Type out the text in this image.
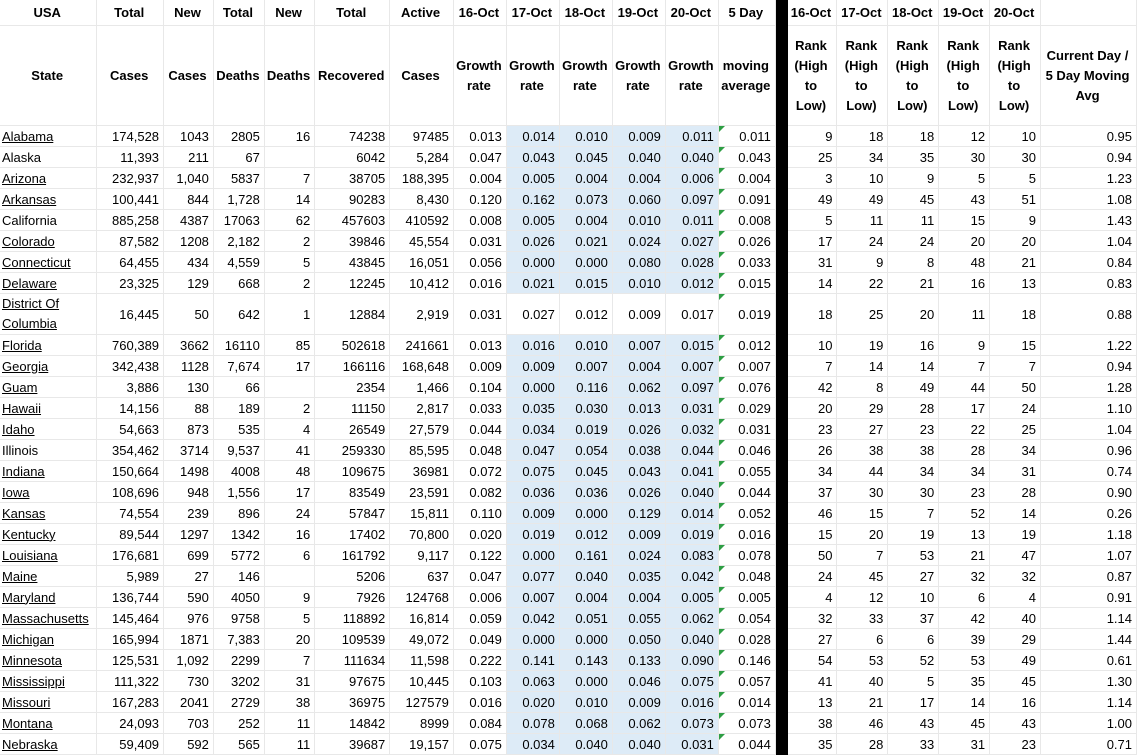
USA	Total	New	Total	New	Total	Active	16-Oct	17-Oct	18-Oct	19-Oct	20-Oct	5 Day		16-Oct	17-Oct	18-Oct	19-Oct	20-Oct	
State	Cases	Cases	Deaths	Deaths	Recovered	Cases	Growth rate	Growth rate	Growth rate	Growth rate	Growth rate	moving average		Rank (High to Low)	Rank (High to Low)	Rank (High to Low)	Rank (High to Low)	Rank (High to Low)	Current Day / 5 Day Moving Avg
Alabama	174,528	1043	2805	16	74238	97485	0.013	0.014	0.010	0.009	0.011	0.011		9	18	18	12	10	0.95
Alaska	11,393	211	67		6042	5,284	0.047	0.043	0.045	0.040	0.040	0.043		25	34	35	30	30	0.94
Arizona	232,937	1,040	5837	7	38705	188,395	0.004	0.005	0.004	0.004	0.006	0.004		3	10	9	5	5	1.23
Arkansas	100,441	844	1,728	14	90283	8,430	0.120	0.162	0.073	0.060	0.097	0.091		49	49	45	43	51	1.08
California	885,258	4387	17063	62	457603	410592	0.008	0.005	0.004	0.010	0.011	0.008		5	11	11	15	9	1.43
Colorado	87,582	1208	2,182	2	39846	45,554	0.031	0.026	0.021	0.024	0.027	0.026		17	24	24	20	20	1.04
Connecticut	64,455	434	4,559	5	43845	16,051	0.056	0.000	0.000	0.080	0.028	0.033		31	9	8	48	21	0.84
Delaware	23,325	129	668	2	12245	10,412	0.016	0.021	0.015	0.010	0.012	0.015		14	22	21	16	13	0.83
District Of Columbia	16,445	50	642	1	12884	2,919	0.031	0.027	0.012	0.009	0.017	0.019		18	25	20	11	18	0.88
Florida	760,389	3662	16110	85	502618	241661	0.013	0.016	0.010	0.007	0.015	0.012		10	19	16	9	15	1.22
Georgia	342,438	1128	7,674	17	166116	168,648	0.009	0.009	0.007	0.004	0.007	0.007		7	14	14	7	7	0.94
Guam	3,886	130	66		2354	1,466	0.104	0.000	0.116	0.062	0.097	0.076		42	8	49	44	50	1.28
Hawaii	14,156	88	189	2	11150	2,817	0.033	0.035	0.030	0.013	0.031	0.029		20	29	28	17	24	1.10
Idaho	54,663	873	535	4	26549	27,579	0.044	0.034	0.019	0.026	0.032	0.031		23	27	23	22	25	1.04
Illinois	354,462	3714	9,537	41	259330	85,595	0.048	0.047	0.054	0.038	0.044	0.046		26	38	38	28	34	0.96
Indiana	150,664	1498	4008	48	109675	36981	0.072	0.075	0.045	0.043	0.041	0.055		34	44	34	34	31	0.74
Iowa	108,696	948	1,556	17	83549	23,591	0.082	0.036	0.036	0.026	0.040	0.044		37	30	30	23	28	0.90
Kansas	74,554	239	896	24	57847	15,811	0.110	0.009	0.000	0.129	0.014	0.052		46	15	7	52	14	0.26
Kentucky	89,544	1297	1342	16	17402	70,800	0.020	0.019	0.012	0.009	0.019	0.016		15	20	19	13	19	1.18
Louisiana	176,681	699	5772	6	161792	9,117	0.122	0.000	0.161	0.024	0.083	0.078		50	7	53	21	47	1.07
Maine	5,989	27	146		5206	637	0.047	0.077	0.040	0.035	0.042	0.048		24	45	27	32	32	0.87
Maryland	136,744	590	4050	9	7926	124768	0.006	0.007	0.004	0.004	0.005	0.005		4	12	10	6	4	0.91
Massachusetts	145,464	976	9758	5	118892	16,814	0.059	0.042	0.051	0.055	0.062	0.054		32	33	37	42	40	1.14
Michigan	165,994	1871	7,383	20	109539	49,072	0.049	0.000	0.000	0.050	0.040	0.028		27	6	6	39	29	1.44
Minnesota	125,531	1,092	2299	7	111634	11,598	0.222	0.141	0.143	0.133	0.090	0.146		54	53	52	53	49	0.61
Mississippi	111,322	730	3202	31	97675	10,445	0.103	0.063	0.000	0.046	0.075	0.057		41	40	5	35	45	1.30
Missouri	167,283	2041	2729	38	36975	127579	0.016	0.020	0.010	0.009	0.016	0.014		13	21	17	14	16	1.14
Montana	24,093	703	252	11	14842	8999	0.084	0.078	0.068	0.062	0.073	0.073		38	46	43	45	43	1.00
Nebraska	59,409	592	565	11	39687	19,157	0.075	0.034	0.040	0.040	0.031	0.044		35	28	33	31	23	0.71
